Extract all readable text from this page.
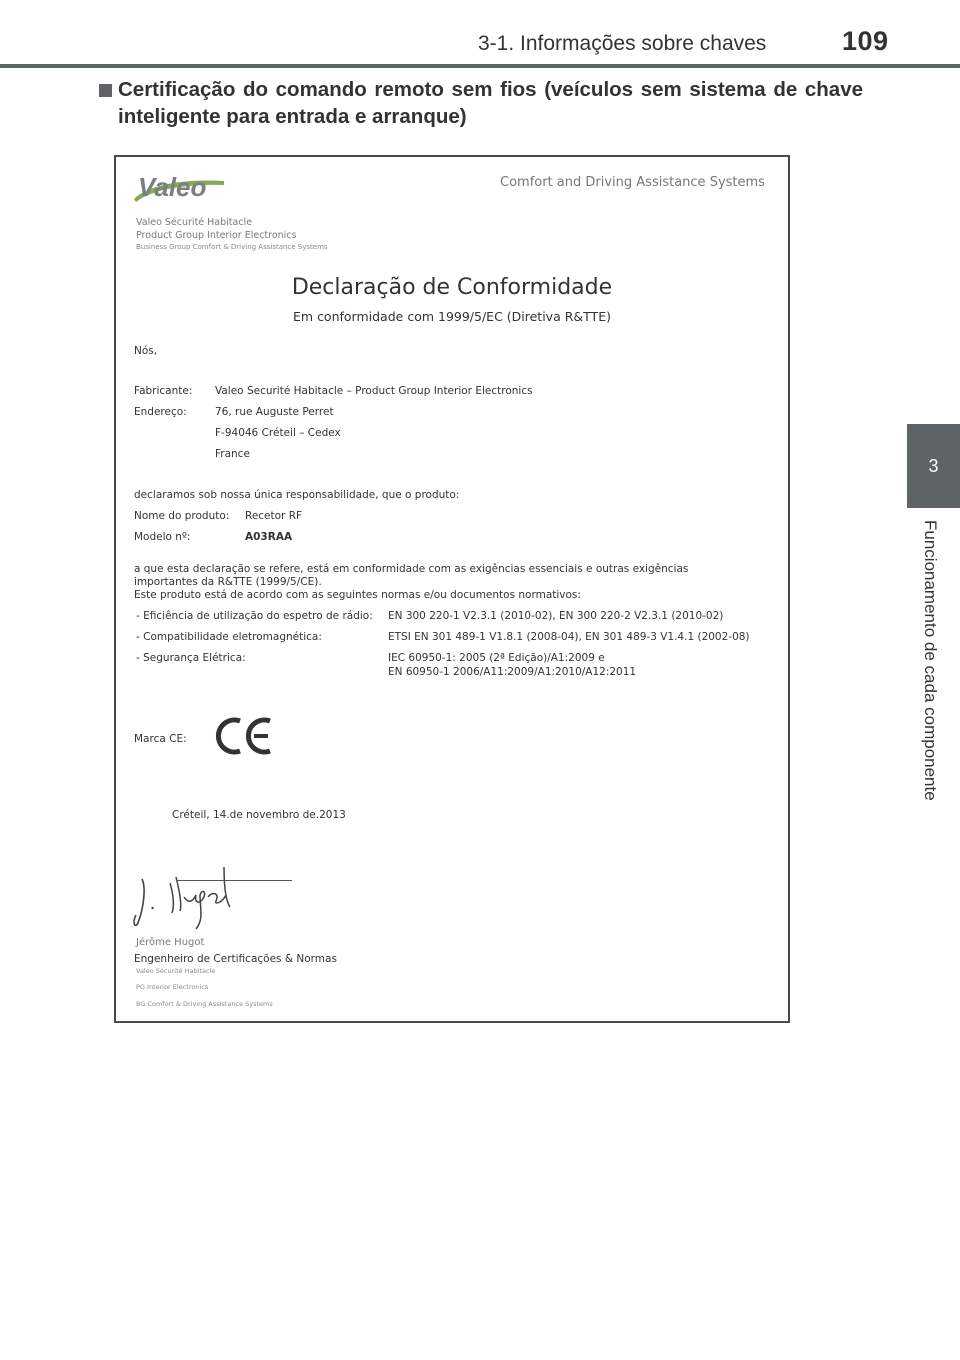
3-1. Informações sobre chaves	109
3
Funcionamento de cada componente
Certificação do comando remoto sem fios (veículos sem sistema de chave inteligente para entrada e arranque)
Valeo	Comfort and Driving Assistance Systems
Valeo Sécurité Habitacle
Product Group Interior Electronics
Business Group Comfort & Driving Assistance Systems
Declaração de Conformidade
Em conformidade com 1999/5/EC (Diretiva R&TTE)
Nós,
Fabricante: Valeo Securité Habitacle – Product Group Interior Electronics
Endereço:	76, rue Auguste Perret
F-94046 Créteil – Cedex
France
declaramos sob nossa única responsabilidade, que o produto:
Nome do produto: Recetor RF
Modelo nº:	A03RAA
a que esta declaração se refere, está em conformidade com as exigências essenciais e outras exigências
importantes da R&TTE (1999/5/CE).
Este produto está de acordo com as seguintes normas e/ou documentos normativos:
- Eficiência de utilização do espetro de rádio: EN 300 220-1 V2.3.1 (2010-02), EN 300 220-2 V2.3.1 (2010-02)
- Compatibilidade eletromagnética:	ETSI EN 301 489-1 V1.8.1 (2008-04), EN 301 489-3 V1.4.1 (2002-08)
- Segurança Elétrica:	IEC 60950-1: 2005 (2ª Edição)/A1:2009 e
EN 60950-1 2006/A11:2009/A1:2010/A12:2011
Marca CE:
Créteil, 14.de novembro de.2013
Jérôme Hugot
Engenheiro de Certificações & Normas
Valeo Sécurité Habitacle
PG Interior Electronics
BG Comfort & Driving Assistance Systems
